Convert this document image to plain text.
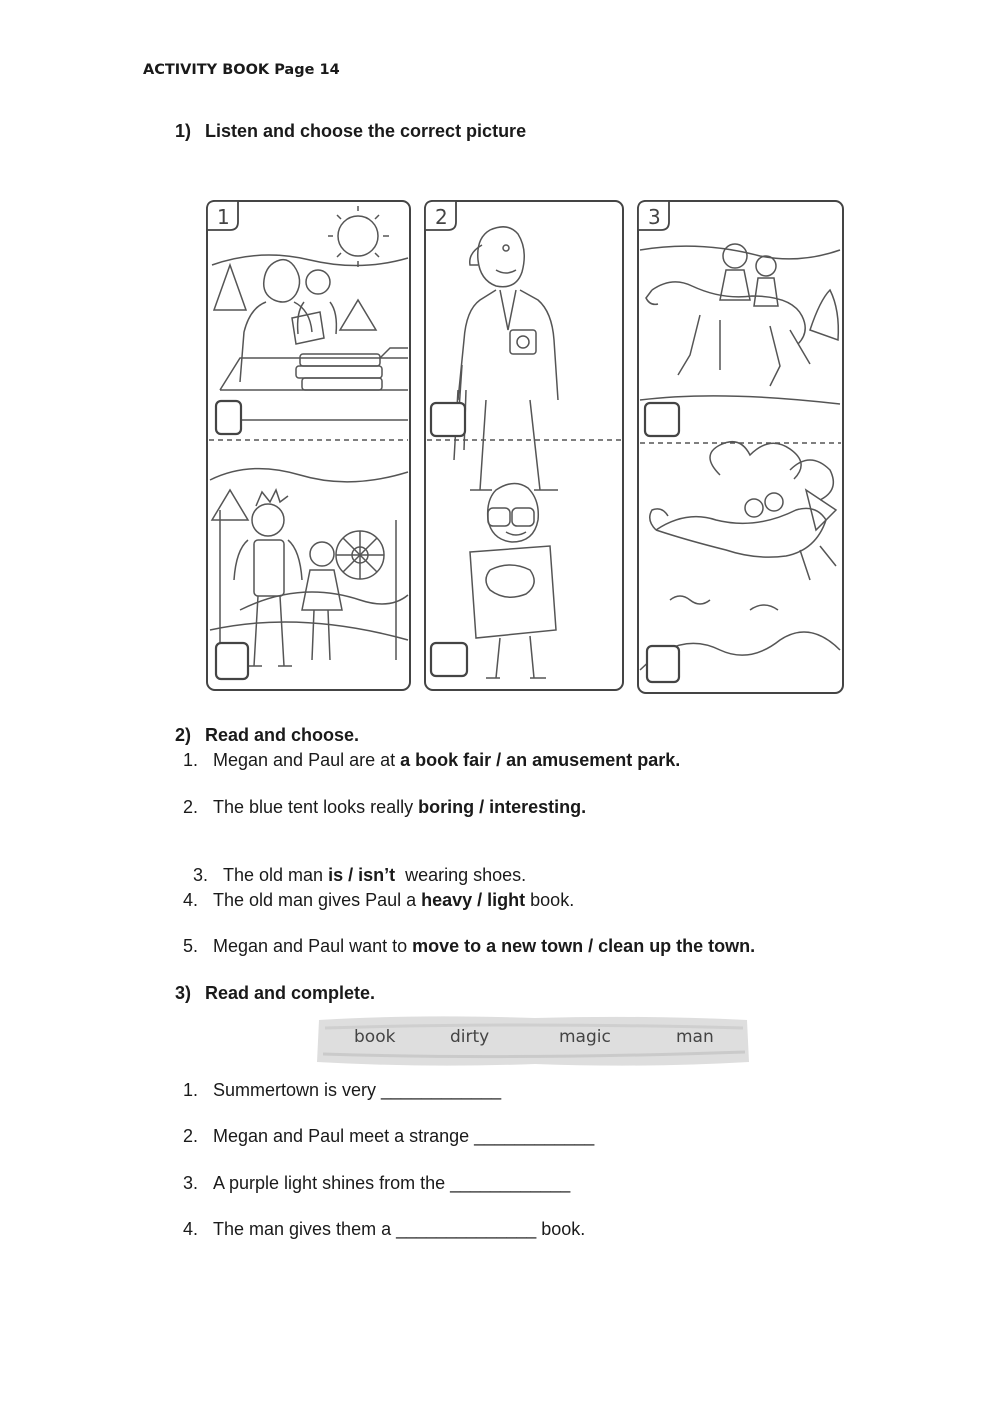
ACTIVITY BOOK Page 14
1) Listen and choose the correct picture
1	2	3
2) Read and choose.
1. Megan and Paul are at a book fair / an amusement park.
2. The blue tent looks really boring / interesting.

3. The old man is / isn’t  wearing shoes.

4. The old man gives Paul a heavy / light book.
5. Megan and Paul want to move to a new town / clean up the town.
3) Read and complete.
book	dirty	magic	man
1. Summertown is very ____________
2. Megan and Paul meet a strange ____________
3. A purple light shines from the ____________
4. The man gives them a ______________ book.
